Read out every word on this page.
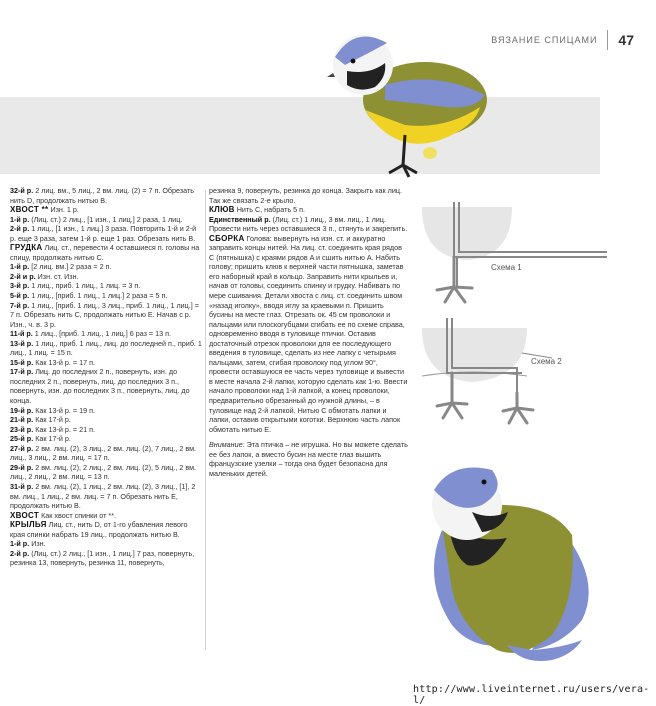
ВЯЗАНИЕ СПИЦАМИ 47

32-й р. 2 лиц. вм., 5 лиц., 2 вм. лиц. (2) = 7 п. Обрезать нить D, продолжать нитью B.

ХВОСТ ** Изн. 1 р.

1-й р. (Лиц. ст.) 2 лиц., [1 изн., 1 лиц.] 2 раза, 1 лиц.

2-й р. 1 лиц., [1 изн., 1 лиц.] 3 раза. Повторить 1-й и 2-й р. еще 3 раза, затем 1-й р. еще 1 раз. Обрезать нить B.

ГРУДКА Лиц. ст., перевести 4 оставшиеся п. головы на спицу, продолжать нитью C.

1-й р. [2 лиц. вм.] 2 раза = 2 п.

2-й и р. Изн. ст. Изн.

3-й р. 1 лиц., приб. 1 лиц., 1 лиц. = 3 п.

5-й р. 1 лиц., [приб. 1 лиц., 1 лиц.] 2 раза = 5 п.

7-й р. 1 лиц., [приб. 1 лиц., 3 лиц., приб. 1 лиц., 1 лиц.] = 7 п. Обрезать нить C, продолжать нитью E. Начав с р. Изн., ч. в. 3 р.

11-й р. 1 лиц., [приб. 1 лиц., 1 лиц.] 6 раз = 13 п.

13-й р. 1 лиц., приб. 1 лиц., лиц. до последней п., приб. 1 лиц., 1 лиц. = 15 п.

15-й р. Как 13-й р. = 17 п.

17-й р. Лиц. до последних 2 п., повернуть, изн. до последних 2 п., повернуть, лиц. до последних 3 п., повернуть, изн. до последних 3 п., повернуть, лиц. до конца.

19-й р. Как 13-й р. = 19 п.

21-й р. Как 17-й р.

23-й р. Как 13-й р. = 21 п.

25-й р. Как 17-й р.

27-й р. 2 вм. лиц. (2), 3 лиц., 2 вм. лиц. (2), 7 лиц., 2 вм. лиц., 3 лиц., 2 вм. лиц. = 17 п.

29-й р. 2 вм. лиц. (2), 2 лиц., 2 вм. лиц. (2), 5 лиц., 2 вм. лиц., 2 лиц., 2 вм. лиц. = 13 п.

31-й р. 2 вм. лиц. (2), 1 лиц., 2 вм. лиц. (2), 3 лиц., [1], 2 вм. лиц., 1 лиц., 2 вм. лиц. = 7 п. Обрезать нить E, продолжать нитью B.

ХВОСТ Как хвост спинки от **.

КРЫЛЬЯ Лиц. ст., нить D, от 1-го убавления левого края спинки набрать 19 лиц., продолжать нитью B.

1-й р. Изн.

2-й р. (Лиц. ст.) 2 лиц., [1 изн., 1 лиц.] 7 раз, повернуть, резинка 13, повернуть, резинка 11, повернуть,

резинка 9, повернуть, резинка до конца. Закрыть как лиц. Так же связать 2-е крыло.

КЛЮВ Нить C, набрать 5 п.

Единственный р. (Лиц. ст.) 1 лиц., 3 вм. лиц., 1 лиц. Провести нить через оставшиеся 3 п., стянуть и закрепить.

СБОРКА Голова: вывернуть на изн. ст. и аккуратно заправить концы нитей. На лиц. ст. соединить края рядов C (пятнышка) с краями рядов A и сшить нитью A. Набить голову; пришить клюв к верхней части пятнышка, заметав его наборный край в кольцо. Заправить нити крыльев и, начав от головы, соединить спинку и грудку. Набивать по мере сшивания. Детали хвоста с лиц. ст. соединить швом «назад иголку», вводя иглу за краевыми п. Пришить бусины на месте глаз. Отрезать ок. 45 см проволоки и пальцами или плоскогубцами сгибать ее по схеме справа, одновременно вводя в туловище птички. Оставив достаточный отрезок проволоки для ее последующего введения в туловище, сделать из нее лапку с четырьмя пальцами, затем, сгибая проволоку под углом 90°, провести оставшуюся ее часть через туловище и вывести в месте начала 2-й лапки, которую сделать как 1-ю. Ввести начало проволоки над 1-й лапкой, а конец проволоки, предварительно обрезанный до нужной длины, – в туловище над 2-й лапкой. Нитью C обмотать лапки и лапки, оставив открытыми коготки. Верхнюю часть лапок обмотать нитью E.

Внимание: Эта птичка – не игрушка. Но вы можете сделать ее без лапок, а вместо бусин на месте глаз вышить французские узелки – тогда она будет безопасна для маленьких детей.

Схема 1
Схема 2
http://www.liveinternet.ru/users/vera-l/
